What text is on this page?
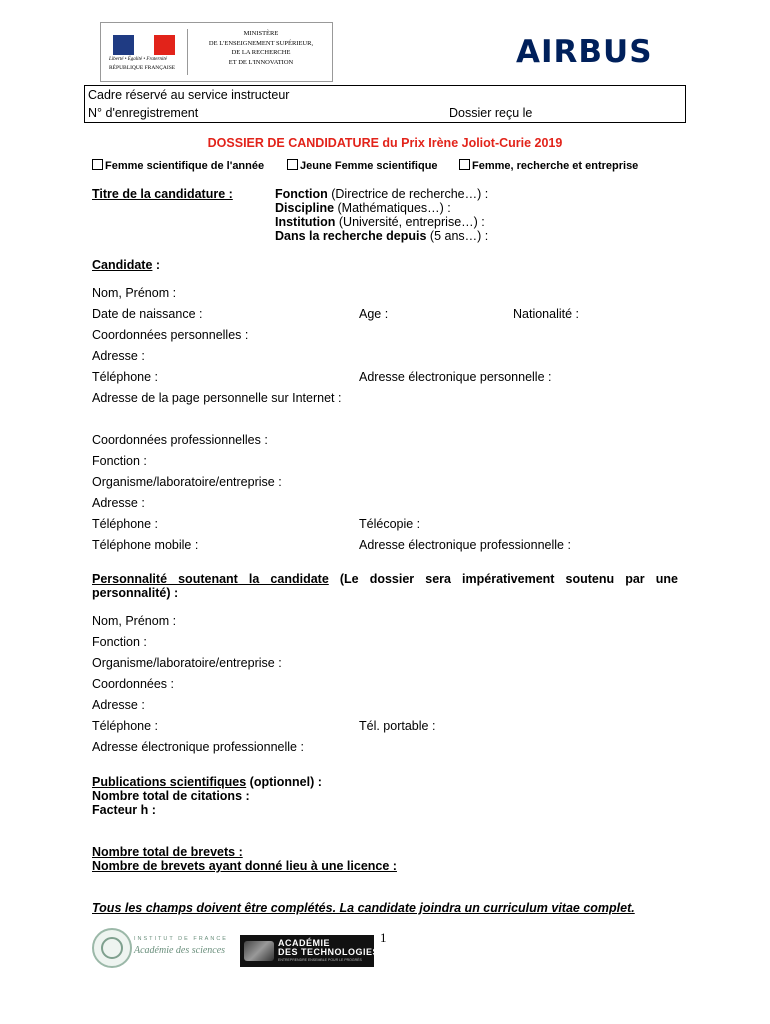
Liberté • Égalité • Fraternité
RÉPUBLIQUE FRANÇAISE
MINISTÈRE
DE L'ENSEIGNEMENT SUPÉRIEUR,
DE LA RECHERCHE
ET DE L'INNOVATION	AIRBUS
Cadre réservé au service instructeur
N° d'enregistrement	Dossier reçu le
DOSSIER DE CANDIDATURE du Prix Irène Joliot-Curie 2019
Femme scientifique de l'année	Jeune Femme scientifique	Femme, recherche et entreprise
Titre de la candidature :	Fonction (Directrice de recherche…) :
Discipline (Mathématiques…) :
Institution (Université, entreprise…) :
Dans la recherche depuis (5 ans…) :
Candidate :
Nom, Prénom :
Date de naissance :	Age :	Nationalité :
Coordonnées personnelles :
Adresse :
Téléphone :	Adresse électronique personnelle :
Adresse de la page personnelle sur Internet :
Coordonnées professionnelles :
Fonction :
Organisme/laboratoire/entreprise :
Adresse :
Téléphone :	Télécopie :
Téléphone mobile :	Adresse électronique professionnelle :
Personnalité soutenant la candidate (Le dossier sera impérativement soutenu par une
personnalité) :
Nom, Prénom :
Fonction :
Organisme/laboratoire/entreprise :
Coordonnées :
Adresse :
Téléphone :	Tél. portable :
Adresse électronique professionnelle :
Publications scientifiques (optionnel) :
Nombre total de citations :
Facteur h :
Nombre total de brevets :
Nombre de brevets ayant donné lieu à une licence :
Tous les champs doivent être complétés. La candidate joindra un curriculum vitae complet.
INSTITUT DE FRANCE
Académie des sciences
ACADÉMIE
DES TECHNOLOGIES
ENTREPRENDRE ENSEMBLE POUR LE PROGRÈS
1
